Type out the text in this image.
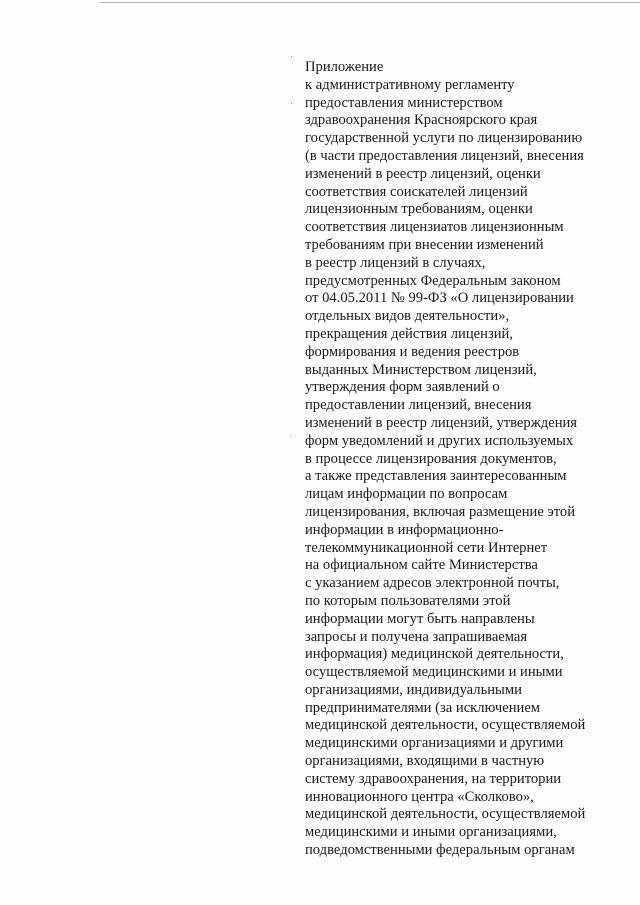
Приложение
к административному регламенту
предоставления министерством
здравоохранения Красноярского края
государственной услуги по лицензированию
(в части предоставления лицензий, внесения
изменений в реестр лицензий, оценки
соответствия соискателей лицензий
лицензионным требованиям, оценки
соответствия лицензиатов лицензионным
требованиям при внесении изменений
в реестр лицензий в случаях,
предусмотренных Федеральным законом
от 04.05.2011 № 99-ФЗ «О лицензировании
отдельных видов деятельности»,
прекращения действия лицензий,
формирования и ведения реестров
выданных Министерством лицензий,
утверждения форм заявлений о
предоставлении лицензий, внесения
изменений в реестр лицензий, утверждения
форм уведомлений и других используемых
в процессе лицензирования документов,
а также представления заинтересованным
лицам информации по вопросам
лицензирования, включая размещение этой
информации в информационно-
телекоммуникационной сети Интернет
на официальном сайте Министерства
с указанием адресов электронной почты,
по которым пользователями этой
информации могут быть направлены
запросы и получена запрашиваемая
информация) медицинской деятельности,
осуществляемой медицинскими и иными
организациями, индивидуальными
предпринимателями (за исключением
медицинской деятельности, осуществляемой
медицинскими организациями и другими
организациями, входящими в частную
систему здравоохранения, на территории
инновационного центра «Сколково»,
медицинской деятельности, осуществляемой
медицинскими и иными организациями,
подведомственными федеральным органам
